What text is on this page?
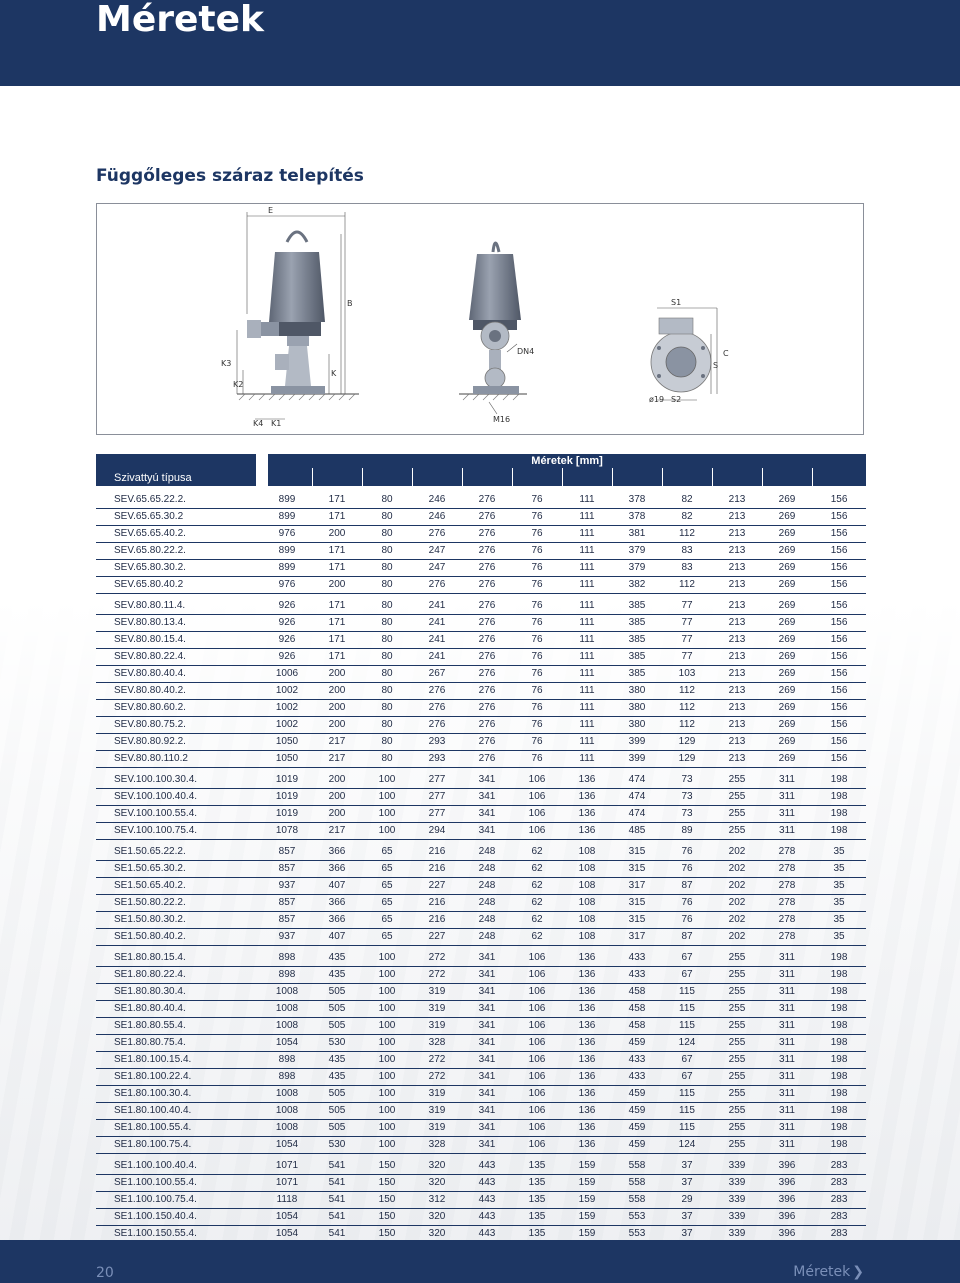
Méretek
Függőleges száraz telepítés
E
B
K3
K2
K
K4 K1
DN4
M16
S1
C
S
ø19 S2
Szivattyú típusa	Méretek [mm]											

SEV.65.65.22.2.	899	171	80	246	276	76	111	378	82	213	269	156
SEV.65.65.30.2	899	171	80	246	276	76	111	378	82	213	269	156
SEV.65.65.40.2.	976	200	80	276	276	76	111	381	112	213	269	156
SEV.65.80.22.2.	899	171	80	247	276	76	111	379	83	213	269	156
SEV.65.80.30.2.	899	171	80	247	276	76	111	379	83	213	269	156
SEV.65.80.40.2	976	200	80	276	276	76	111	382	112	213	269	156

SEV.80.80.11.4.	926	171	80	241	276	76	111	385	77	213	269	156
SEV.80.80.13.4.	926	171	80	241	276	76	111	385	77	213	269	156
SEV.80.80.15.4.	926	171	80	241	276	76	111	385	77	213	269	156
SEV.80.80.22.4.	926	171	80	241	276	76	111	385	77	213	269	156
SEV.80.80.40.4.	1006	200	80	267	276	76	111	385	103	213	269	156
SEV.80.80.40.2.	1002	200	80	276	276	76	111	380	112	213	269	156
SEV.80.80.60.2.	1002	200	80	276	276	76	111	380	112	213	269	156
SEV.80.80.75.2.	1002	200	80	276	276	76	111	380	112	213	269	156
SEV.80.80.92.2.	1050	217	80	293	276	76	111	399	129	213	269	156
SEV.80.80.110.2	1050	217	80	293	276	76	111	399	129	213	269	156

SEV.100.100.30.4.	1019	200	100	277	341	106	136	474	73	255	311	198
SEV.100.100.40.4.	1019	200	100	277	341	106	136	474	73	255	311	198
SEV.100.100.55.4.	1019	200	100	277	341	106	136	474	73	255	311	198
SEV.100.100.75.4.	1078	217	100	294	341	106	136	485	89	255	311	198

SE1.50.65.22.2.	857	366	65	216	248	62	108	315	76	202	278	35
SE1.50.65.30.2.	857	366	65	216	248	62	108	315	76	202	278	35
SE1.50.65.40.2.	937	407	65	227	248	62	108	317	87	202	278	35
SE1.50.80.22.2.	857	366	65	216	248	62	108	315	76	202	278	35
SE1.50.80.30.2.	857	366	65	216	248	62	108	315	76	202	278	35
SE1.50.80.40.2.	937	407	65	227	248	62	108	317	87	202	278	35

SE1.80.80.15.4.	898	435	100	272	341	106	136	433	67	255	311	198
SE1.80.80.22.4.	898	435	100	272	341	106	136	433	67	255	311	198
SE1.80.80.30.4.	1008	505	100	319	341	106	136	458	115	255	311	198
SE1.80.80.40.4.	1008	505	100	319	341	106	136	458	115	255	311	198
SE1.80.80.55.4.	1008	505	100	319	341	106	136	458	115	255	311	198
SE1.80.80.75.4.	1054	530	100	328	341	106	136	459	124	255	311	198
SE1.80.100.15.4.	898	435	100	272	341	106	136	433	67	255	311	198
SE1.80.100.22.4.	898	435	100	272	341	106	136	433	67	255	311	198
SE1.80.100.30.4.	1008	505	100	319	341	106	136	459	115	255	311	198
SE1.80.100.40.4.	1008	505	100	319	341	106	136	459	115	255	311	198
SE1.80.100.55.4.	1008	505	100	319	341	106	136	459	115	255	311	198
SE1.80.100.75.4.	1054	530	100	328	341	106	136	459	124	255	311	198

SE1.100.100.40.4.	1071	541	150	320	443	135	159	558	37	339	396	283
SE1.100.100.55.4.	1071	541	150	320	443	135	159	558	37	339	396	283
SE1.100.100.75.4.	1118	541	150	312	443	135	159	558	29	339	396	283
SE1.100.150.40.4.	1054	541	150	320	443	135	159	553	37	339	396	283
SE1.100.150.55.4.	1054	541	150	320	443	135	159	553	37	339	396	283

20	Méretek ❯
